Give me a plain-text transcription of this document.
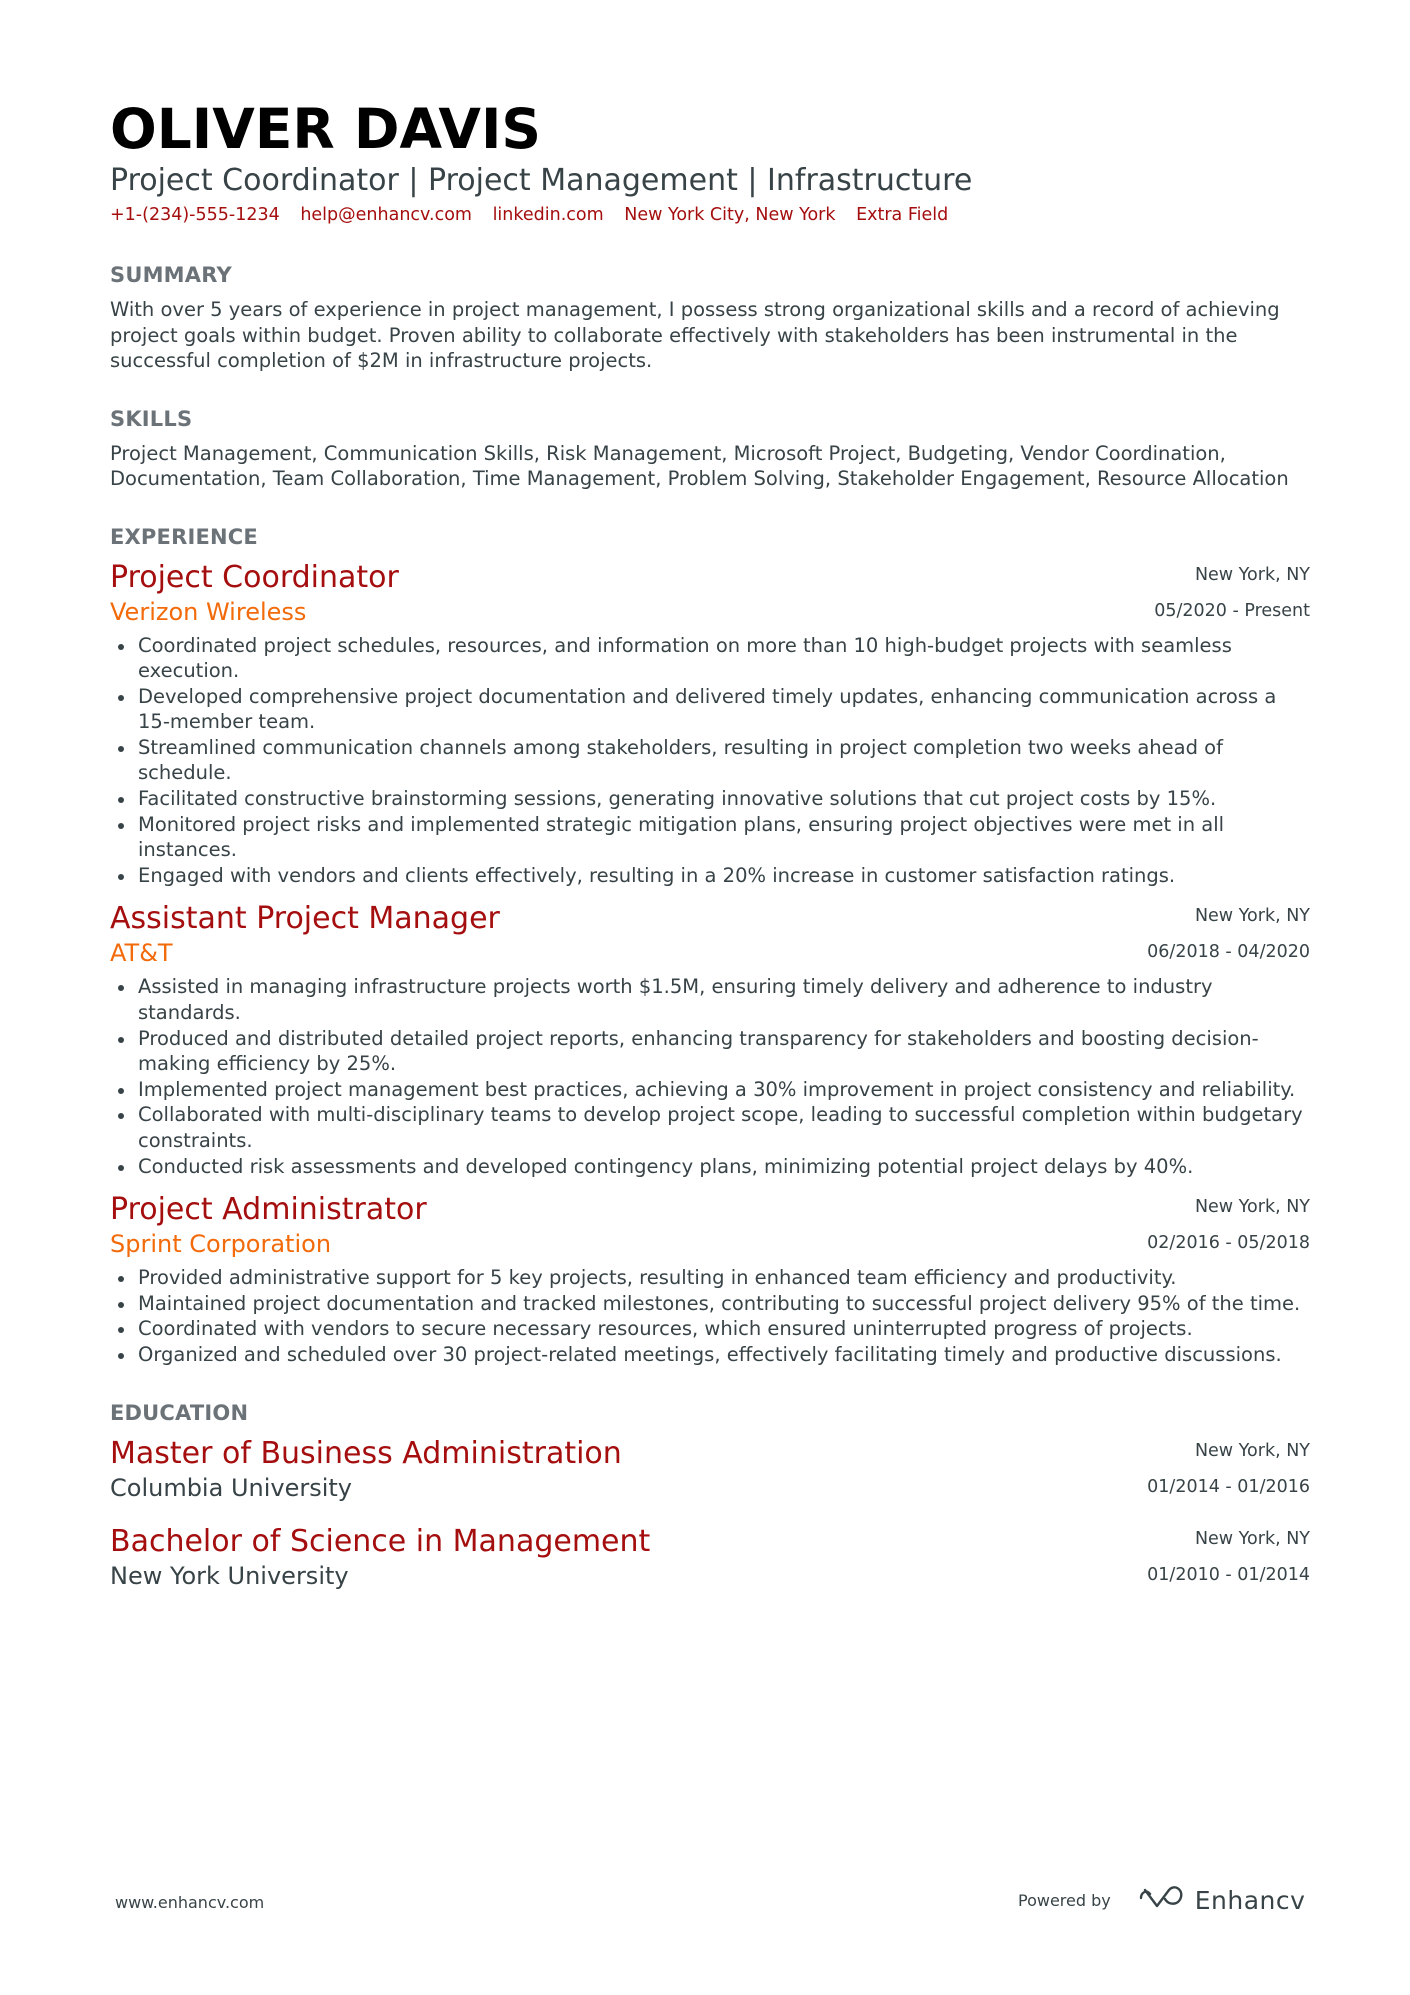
OLIVER DAVIS
Project Coordinator | Project Management | Infrastructure
+1-(234)-555-1234 help@enhancv.com linkedin.com New York City, New York Extra Field
SUMMARY
With over 5 years of experience in project management, I possess strong organizational skills and a record of achieving project goals within budget. Proven ability to collaborate effectively with stakeholders has been instrumental in the successful completion of $2M in infrastructure projects.
SKILLS
Project Management, Communication Skills, Risk Management, Microsoft Project, Budgeting, Vendor Coordination, Documentation, Team Collaboration, Time Management, Problem Solving, Stakeholder Engagement, Resource Allocation
EXPERIENCE
Project Coordinator
Verizon Wireless
New York, NY
05/2020 - Present
Coordinated project schedules, resources, and information on more than 10 high-budget projects with seamless execution.
Developed comprehensive project documentation and delivered timely updates, enhancing communication across a 15-member team.
Streamlined communication channels among stakeholders, resulting in project completion two weeks ahead of schedule.
Facilitated constructive brainstorming sessions, generating innovative solutions that cut project costs by 15%.
Monitored project risks and implemented strategic mitigation plans, ensuring project objectives were met in all instances.
Engaged with vendors and clients effectively, resulting in a 20% increase in customer satisfaction ratings.
Assistant Project Manager
AT&T
New York, NY
06/2018 - 04/2020
Assisted in managing infrastructure projects worth $1.5M, ensuring timely delivery and adherence to industry standards.
Produced and distributed detailed project reports, enhancing transparency for stakeholders and boosting decision-making efficiency by 25%.
Implemented project management best practices, achieving a 30% improvement in project consistency and reliability.
Collaborated with multi-disciplinary teams to develop project scope, leading to successful completion within budgetary constraints.
Conducted risk assessments and developed contingency plans, minimizing potential project delays by 40%.
Project Administrator
Sprint Corporation
New York, NY
02/2016 - 05/2018
Provided administrative support for 5 key projects, resulting in enhanced team efficiency and productivity.
Maintained project documentation and tracked milestones, contributing to successful project delivery 95% of the time.
Coordinated with vendors to secure necessary resources, which ensured uninterrupted progress of projects.
Organized and scheduled over 30 project-related meetings, effectively facilitating timely and productive discussions.
EDUCATION
Master of Business Administration
Columbia University
New York, NY
01/2014 - 01/2016
Bachelor of Science in Management
New York University
New York, NY
01/2010 - 01/2014
www.enhancv.com	Powered by	Enhancv
